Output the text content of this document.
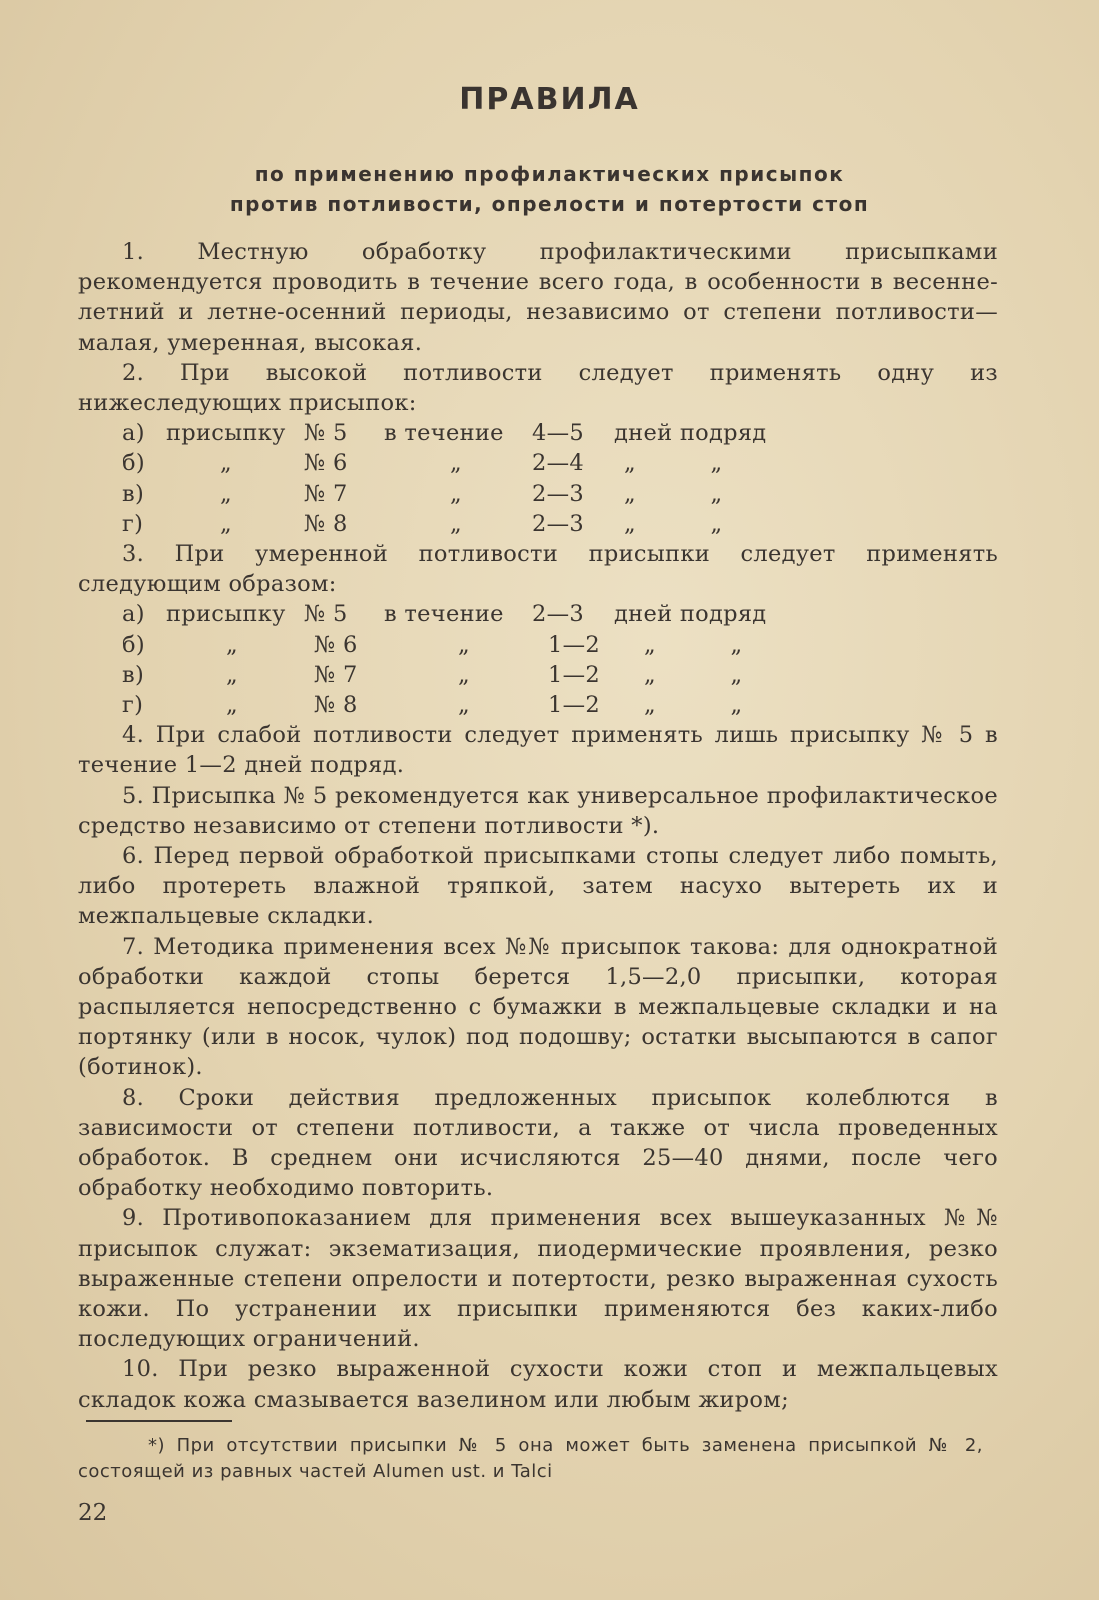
ПРАВИЛА
по применению профилактических присыпок
против потливости, опрелости и потертости стоп

1. Местную обработку профилактическими присыпками рекомендуется проводить в течение всего года, в особенности в весенне-летний и летне-осенний периоды, независимо от степени потливости—малая, умеренная, высокая.

2. При высокой потливости следует применять одну из нижеследующих присыпок:

а) присыпку № 5	в течение	4—5	дней подряд
б)	„	№ 6	„	2—4	„          „
в)	„	№ 7	„	2—3	„          „
г)	„	№ 8	„	2—3	„          „

3. При умеренной потливости присыпки следует применять следующим образом:

а) присыпку № 5	в течение	2—3	дней подряд
б)	„	№ 6	„	1—2	„          „
в)	„	№ 7	„	1—2	„          „
г)	„	№ 8	„	1—2	„          „

4. При слабой потливости следует применять лишь присыпку № 5 в течение 1—2 дней подряд.

5. Присыпка № 5 рекомендуется как универсальное профилактическое средство независимо от степени потливости *).

6. Перед первой обработкой присыпками стопы следует либо помыть, либо протереть влажной тряпкой, затем насухо вытереть их и межпальцевые складки.

7. Методика применения всех №№ присыпок такова: для однократной обработки каждой стопы берется 1,5—2,0 присыпки, которая распыляется непосредственно с бумажки в межпальцевые складки и на портянку (или в носок, чулок) под подошву; остатки высыпаются в сапог (ботинок).

8. Сроки действия предложенных присыпок колеблются в зависимости от степени потливости, а также от числа проведенных обработок. В среднем они исчисляются 25—40 днями, после чего обработку необходимо повторить.

9. Противопоказанием для применения всех вышеуказанных №№ присыпок служат: экзематизация, пиодермические проявления, резко выраженные степени опрелости и потертости, резко выраженная сухость кожи. По устранении их присыпки применяются без каких-либо последующих ограничений.

10. При резко выраженной сухости кожи стоп и межпальцевых складок кожа смазывается вазелином или любым жиром;

*) При отсутствии присыпки № 5 она может быть заменена присыпкой № 2, состоящей из равных частей Alumen ust. и Talci

22
